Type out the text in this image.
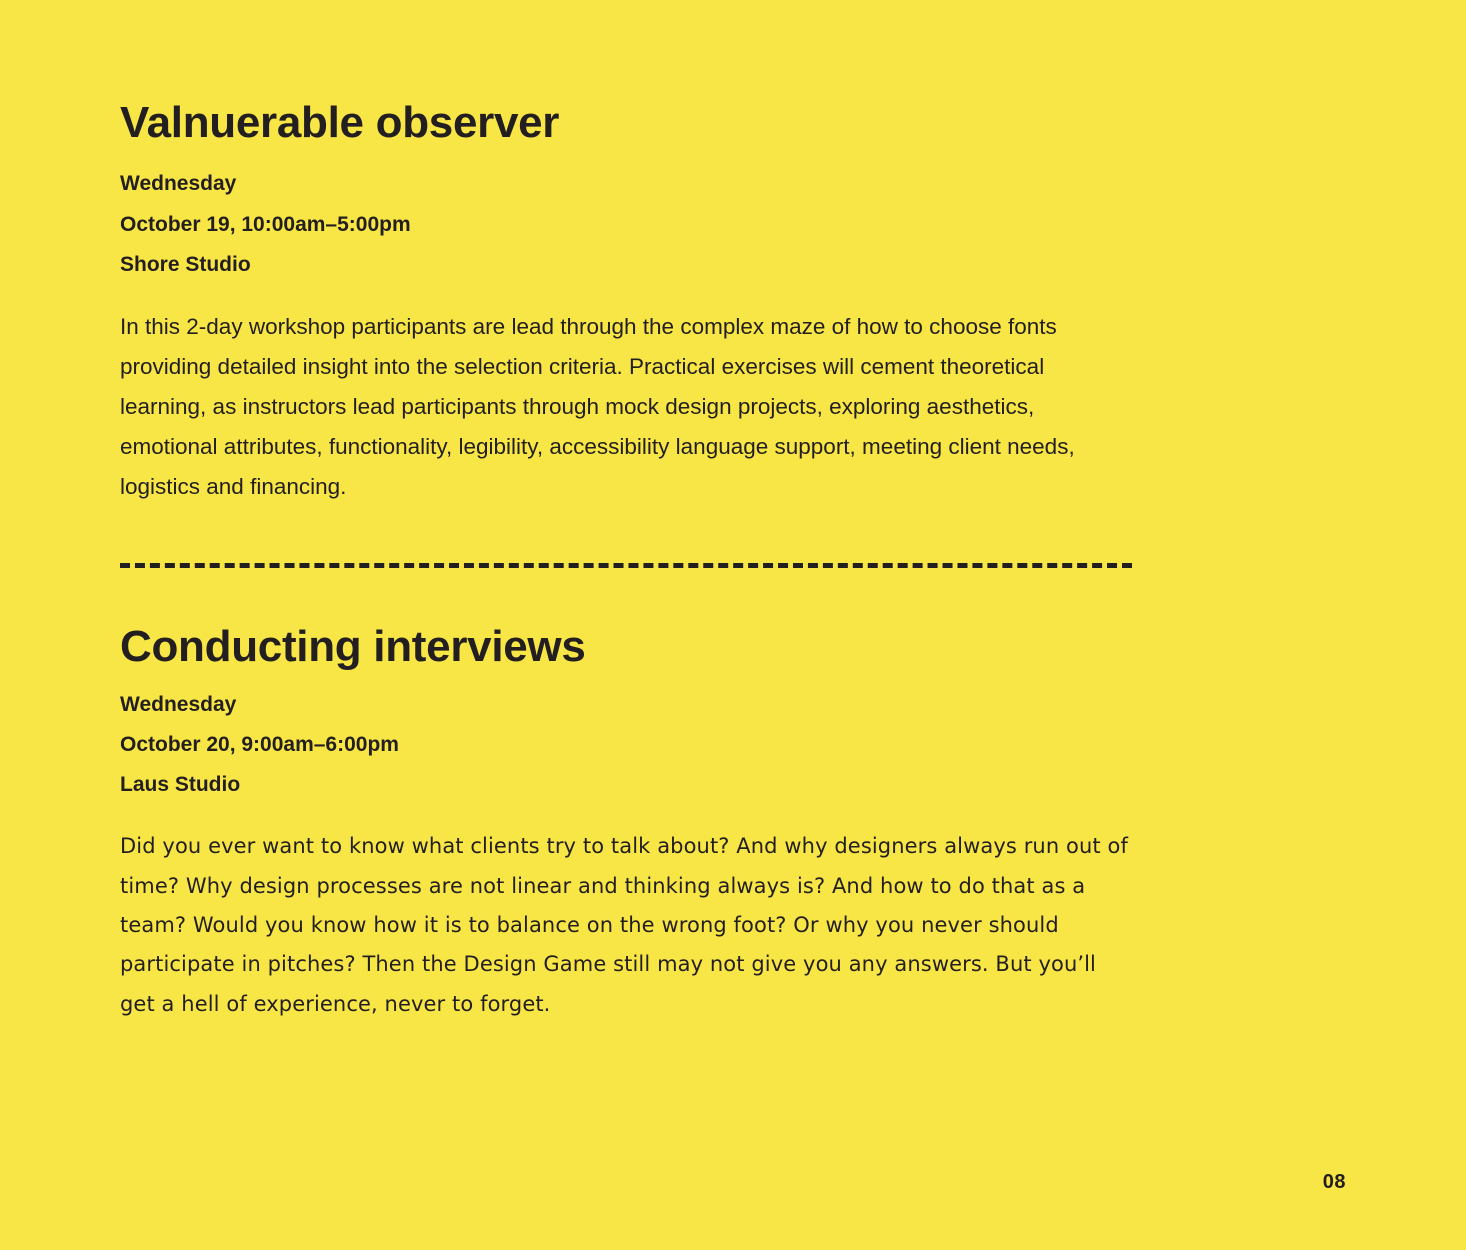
Valnuerable observer
Wednesday
October 19, 10:00am–5:00pm
Shore Studio

In this 2-day workshop participants are lead through the complex maze of how to choose fonts providing detailed insight into the selection criteria. Practical exercises will cement theoretical learning, as instructors lead participants through mock design projects, exploring aesthetics, emotional attributes, functionality, legibility, accessibility language support, meeting client needs, logistics and financing.

Conducting interviews
Wednesday
October 20, 9:00am–6:00pm
Laus Studio

Did you ever want to know what clients try to talk about? And why designers always run out of time? Why design processes are not linear and thinking always is? And how to do that as a team? Would you know how it is to balance on the wrong foot? Or why you never should participate in pitches? Then the Design Game still may not give you any answers. But you’ll get a hell of experience, never to forget.

08
